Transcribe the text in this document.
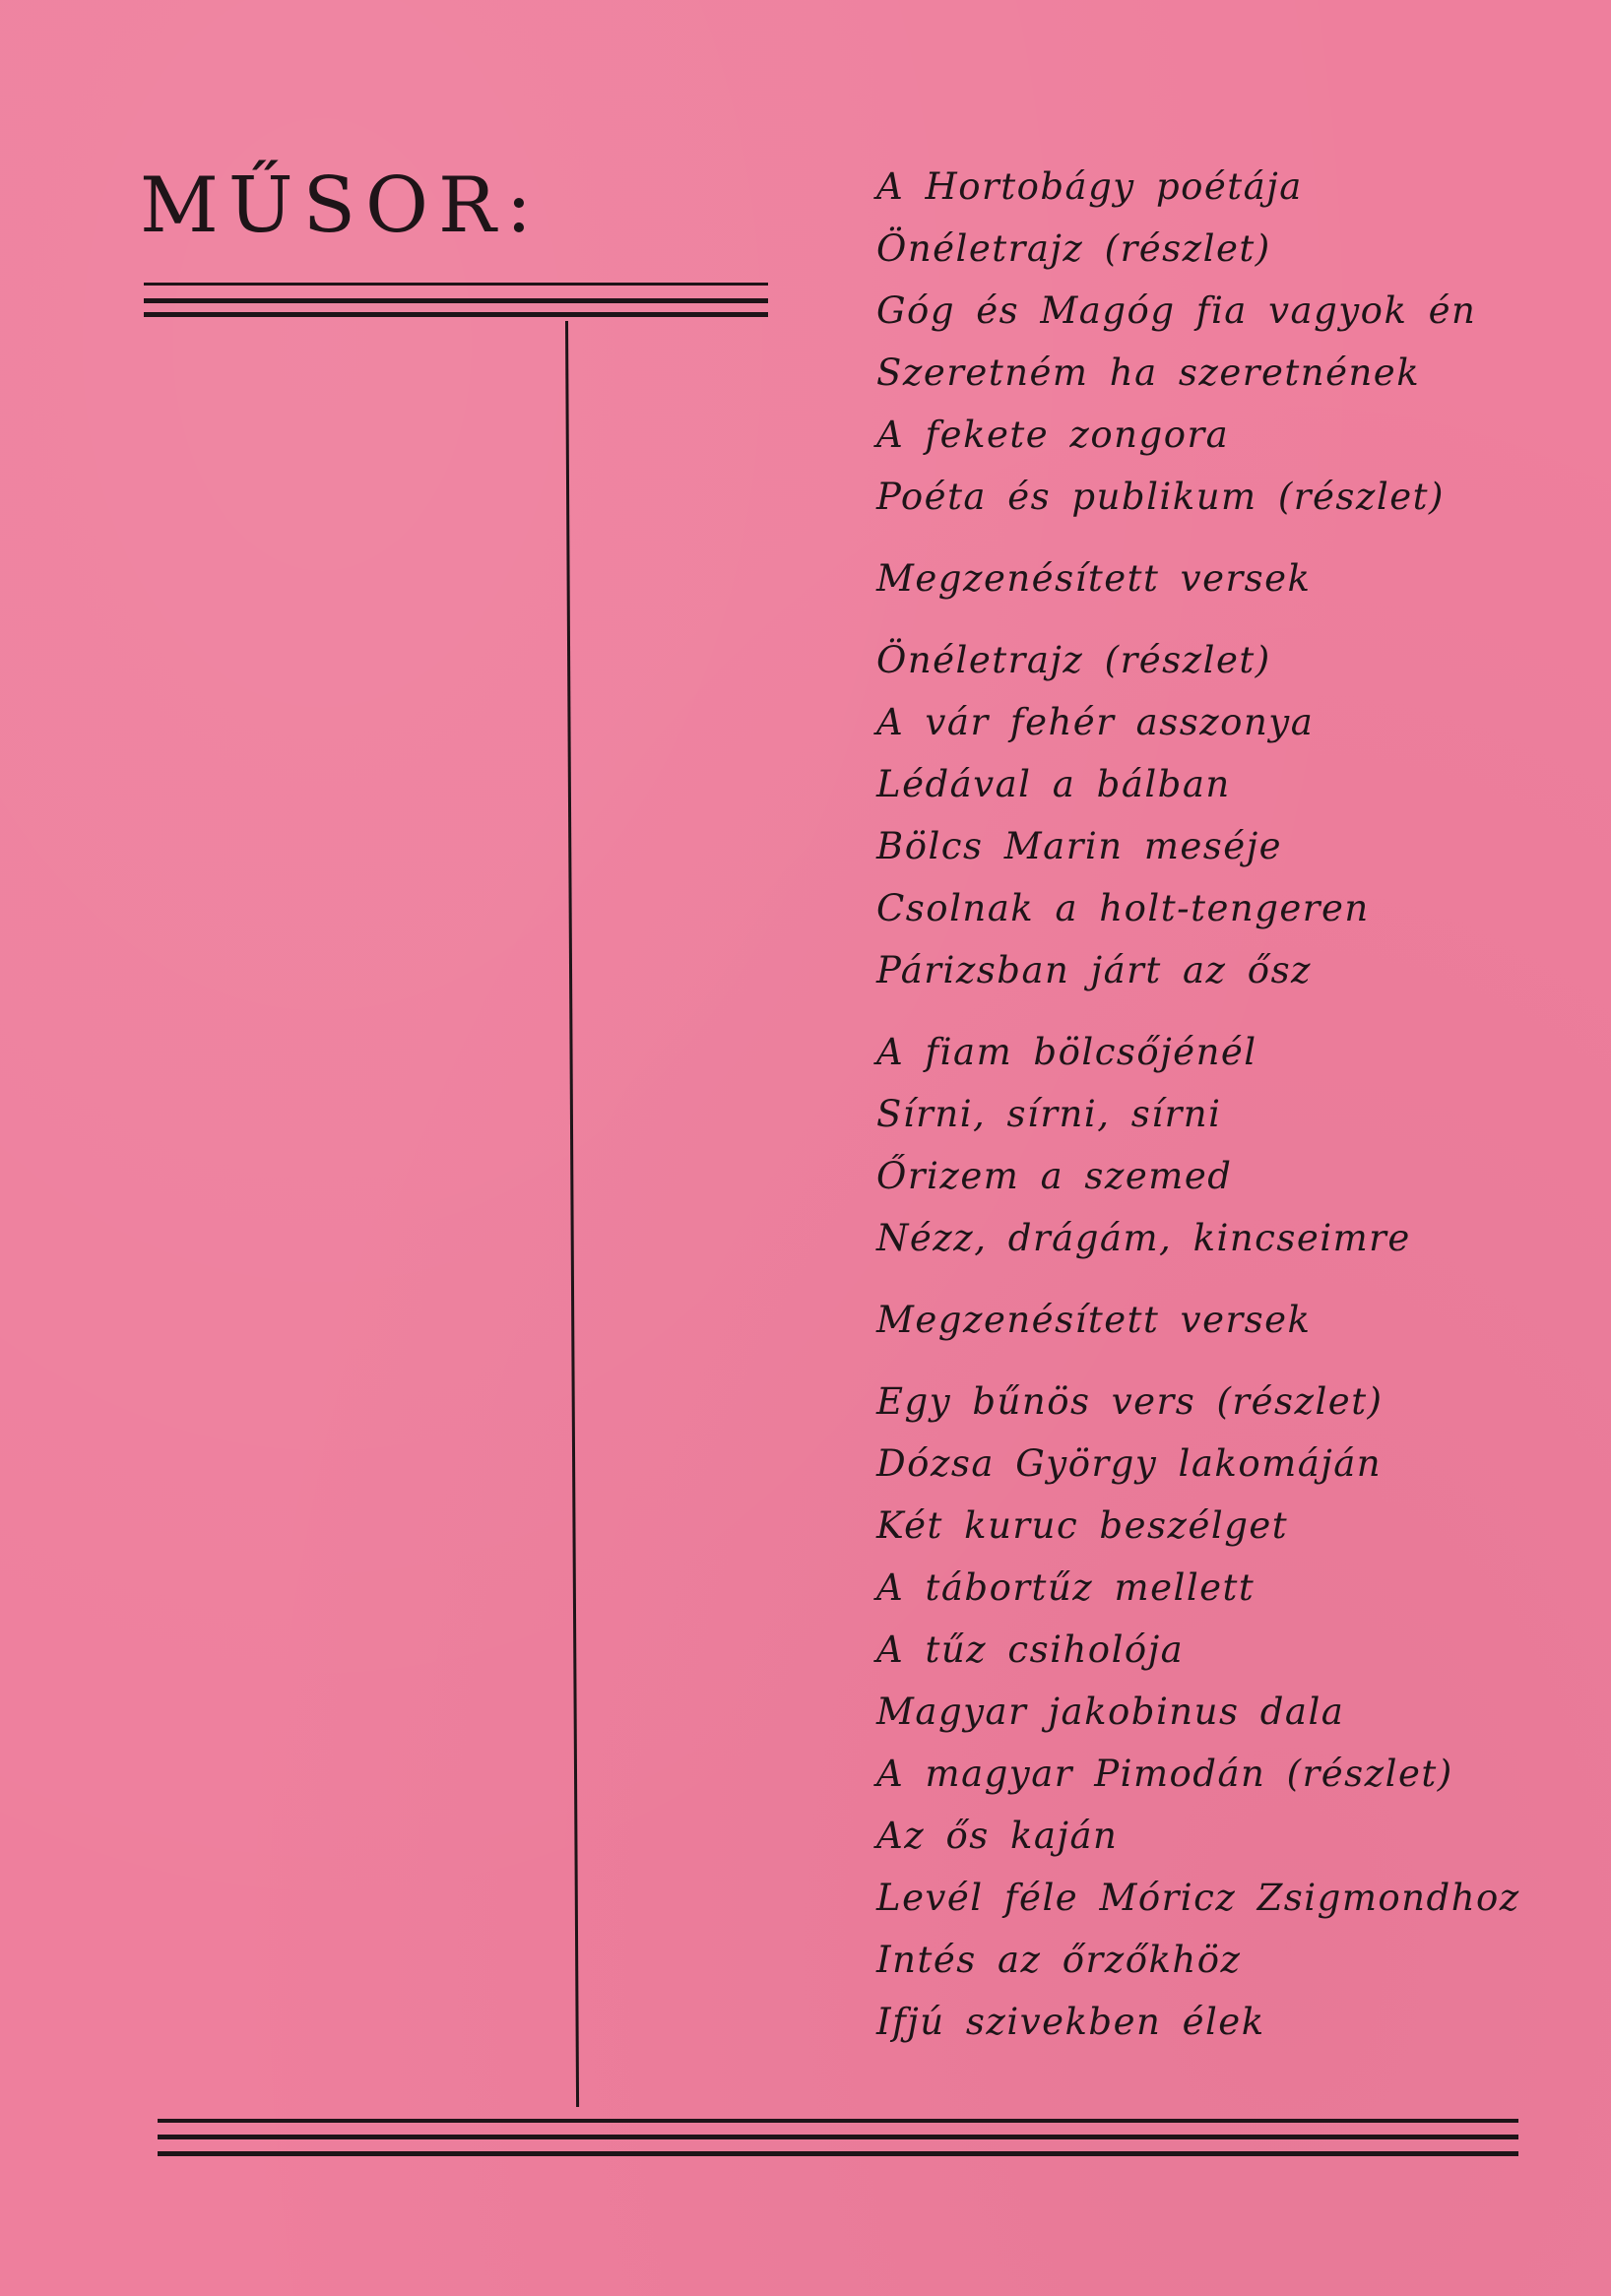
MŰSOR:	A Hortobágy poétája
Önéletrajz (részlet)
Góg és Magóg fia vagyok én
Szeretném ha szeretnének
A fekete zongora
Poéta és publikum (részlet)
Megzenésített versek
Önéletrajz (részlet)
A vár fehér asszonya
Lédával a bálban
Bölcs Marin meséje
Csolnak a holt-tengeren
Párizsban járt az ősz
A fiam bölcsőjénél
Sírni, sírni, sírni
Őrizem a szemed
Nézz, drágám, kincseimre
Megzenésített versek
Egy bűnös vers (részlet)
Dózsa György lakomáján
Két kuruc beszélget
A tábortűz mellett
A tűz csiholója
Magyar jakobinus dala
A magyar Pimodán (részlet)
Az ős kaján
Levél féle Móricz Zsigmondhoz
Intés az őrzőkhöz
Ifjú szivekben élek
